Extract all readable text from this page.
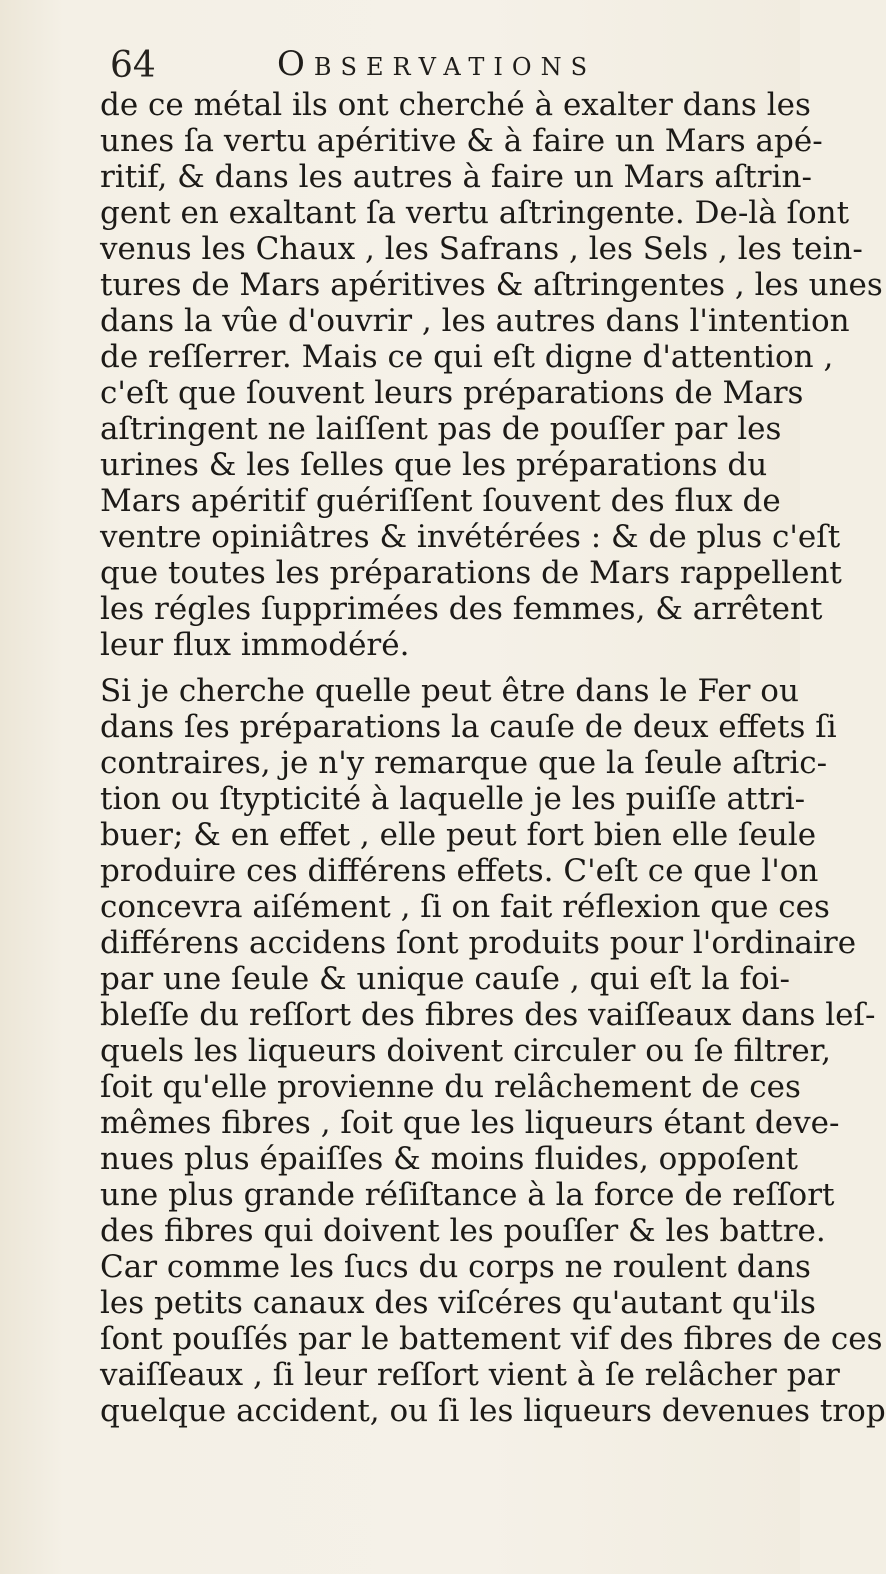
64	Observations
de ce métal ils ont cherché à exalter dans les
unes ſa vertu apéritive & à faire un Mars apé-
ritif, & dans les autres à faire un Mars aſtrin-
gent en exaltant ſa vertu aſtringente. De-là ſont
venus les Chaux , les Safrans , les Sels , les tein-
tures de Mars apéritives & aſtringentes , les unes
dans la vûe d'ouvrir , les autres dans l'intention
de reſſerrer. Mais ce qui eſt digne d'attention ,
c'eſt que ſouvent leurs préparations de Mars
aſtringent ne laiſſent pas de pouſſer par les
urines & les ſelles que les préparations du
Mars apéritif guériſſent ſouvent des flux de
ventre opiniâtres & invétérées : & de plus c'eſt
que toutes les préparations de Mars rappellent
les régles ſupprimées des femmes, & arrêtent
leur flux immodéré.
Si je cherche quelle peut être dans le Fer ou
dans ſes préparations la cauſe de deux effets ſi
contraires, je n'y remarque que la ſeule aſtric-
tion ou ſtypticité à laquelle je les puiſſe attri-
buer; & en effet , elle peut fort bien elle ſeule
produire ces différens effets. C'eſt ce que l'on
concevra aiſément , ſi on fait réflexion que ces
différens accidens ſont produits pour l'ordinaire
par une ſeule & unique cauſe , qui eſt la foi-
bleſſe du reſſort des fibres des vaiſſeaux dans leſ-
quels les liqueurs doivent circuler ou ſe filtrer,
ſoit qu'elle provienne du relâchement de ces
mêmes fibres , ſoit que les liqueurs étant deve-
nues plus épaiſſes & moins fluides, oppoſent
une plus grande réſiſtance à la force de reſſort
des fibres qui doivent les pouſſer & les battre.
Car comme les ſucs du corps ne roulent dans
les petits canaux des viſcéres qu'autant qu'ils
ſont pouſſés par le battement vif des fibres de ces
vaiſſeaux , ſi leur reſſort vient à ſe relâcher par
quelque accident, ou ſi les liqueurs devenues trop
